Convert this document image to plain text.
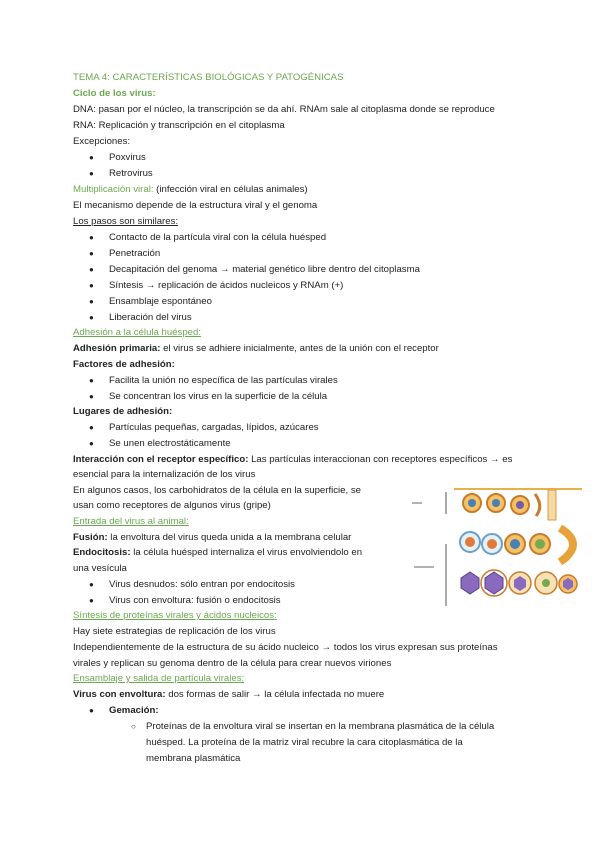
TEMA 4: CARACTERÍSTICAS BIOLÓGICAS Y PATOGÉNICAS
Ciclo de los virus:
DNA: pasan por el núcleo, la transcripción se da ahí. RNAm sale al citoplasma donde se reproduce
RNA: Replicación y transcripción en el citoplasma
Excepciones:
● Poxvirus
● Retrovirus
Multiplicación viral: (infección viral en células animales)
El mecanismo depende de la estructura viral y el genoma
Los pasos son similares:
● Contacto de la partícula viral con la célula huésped
● Penetración
● Decapitación del genoma → material genético libre dentro del citoplasma
● Síntesis → replicación de ácidos nucleicos y RNAm (+)
● Ensamblaje espontáneo
● Liberación del virus
Adhesión a la célula huésped:
Adhesión primaria: el virus se adhiere inicialmente, antes de la unión con el receptor
Factores de adhesión:
● Facilita la unión no específica de las partículas virales
● Se concentran los virus en la superficie de la célula
Lugares de adhesión:
● Partículas pequeñas, cargadas, lípidos, azúcares
● Se unen electrostáticamente
Interacción con el receptor específico: Las partículas interaccionan con receptores específicos → es
esencial para la internalización de los virus
En algunos casos, los carbohidratos de la célula en la superficie, se
usan como receptores de algunos virus (gripe)
Entrada del virus al animal:
Fusión: la envoltura del virus queda unida a la membrana celular
Endocitosis: la célula huésped internaliza el virus envolviendolo en
una vesícula
● Virus desnudos: sólo entran por endocitosis
● Virus con envoltura: fusión o endocitosis
Síntesis de proteínas virales y ácidos nucleicos:
Hay siete estrategias de replicación de los virus
Independientemente de la estructura de su ácido nucleico → todos los virus expresan sus proteínas
virales y replican su genoma dentro de la célula para crear nuevos viriones
Ensamblaje y salida de partícula virales:
Virus con envoltura: dos formas de salir → la célula infectada no muere
● Gemación:
○ Proteínas de la envoltura viral se insertan en la membrana plasmática de la célula
huésped. La proteína de la matriz viral recubre la cara citoplasmática de la
membrana plasmática
